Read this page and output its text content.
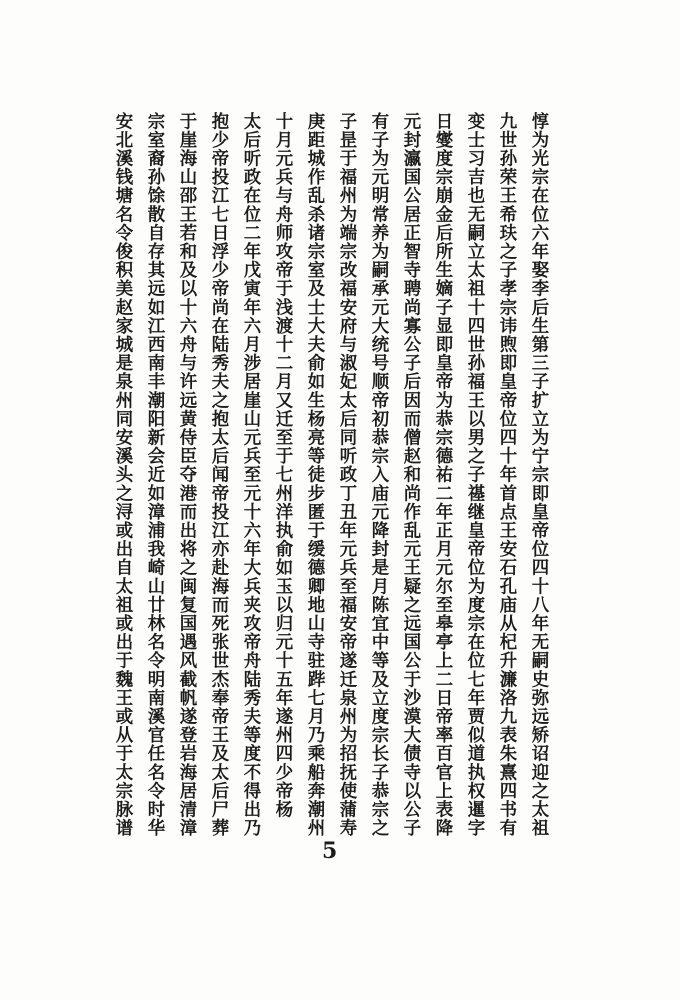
惇为光宗在位六年娶李后生第三子扩立为宁宗即皇帝位四十八年无嗣史弥远矫诏迎之太祖
九世孙荣王希玞之子孝宗讳煦即皇帝位四十年首点王安石孔庙从杞升濂洛九表朱熹四书有
变士习吉也无嗣立太祖十四世孙福王以男之子禥继皇帝位为度宗在位七年贾似道执权暹字
日燮度宗崩金后所生嫡子显即皇帝为恭宗德祐二年正月元尔至皋亭上二日帝率百官上表降
元封瀛国公居正智寺聘尚寡公子后因而僧赵和尚作乱元王疑之远国公于沙漠大债寺以公子
有子为元明常养为嗣承元大统号顺帝初恭宗入庙元降封是月陈宜中等及立度宗长子恭宗之
子昰于福州为端宗改福安府与淑妃太后同听政丁丑年元兵至福安帝遂迁泉州为招抚使蒲寿
庚距城作乱杀诸宗室及士大夫俞如生杨亮等徒步匿于缓德卿地山寺驻跸七月乃乘船奔潮州
十月元兵与舟师攻帝于浅渡十二月又迁至于七州洋执俞如玉以归元十五年遂州四少帝杨
太后听政在位二年戊寅年六月涉居崖山元兵至元十六年大兵夹攻帝舟陆秀夫等度不得出乃
抱少帝投江七日浮少帝尚在陆秀夫之抱太后闻帝投江亦赴海而死张世杰奉帝王及太后尸葬
于崖海山邵王若和及以十六舟与许远黄侍臣夺港而出将之闽复国遇风截帆遂登岩海居清漳
宗室裔孙馀散自存其远如江西南丰潮阳新会近如漳浦我崎山廿林名令明南溪官任名令时华
安北溪钱塘名令俊积美赵家城是泉州同安溪头之浔或出自太祖或出于魏王或从于太宗脉谱
5
